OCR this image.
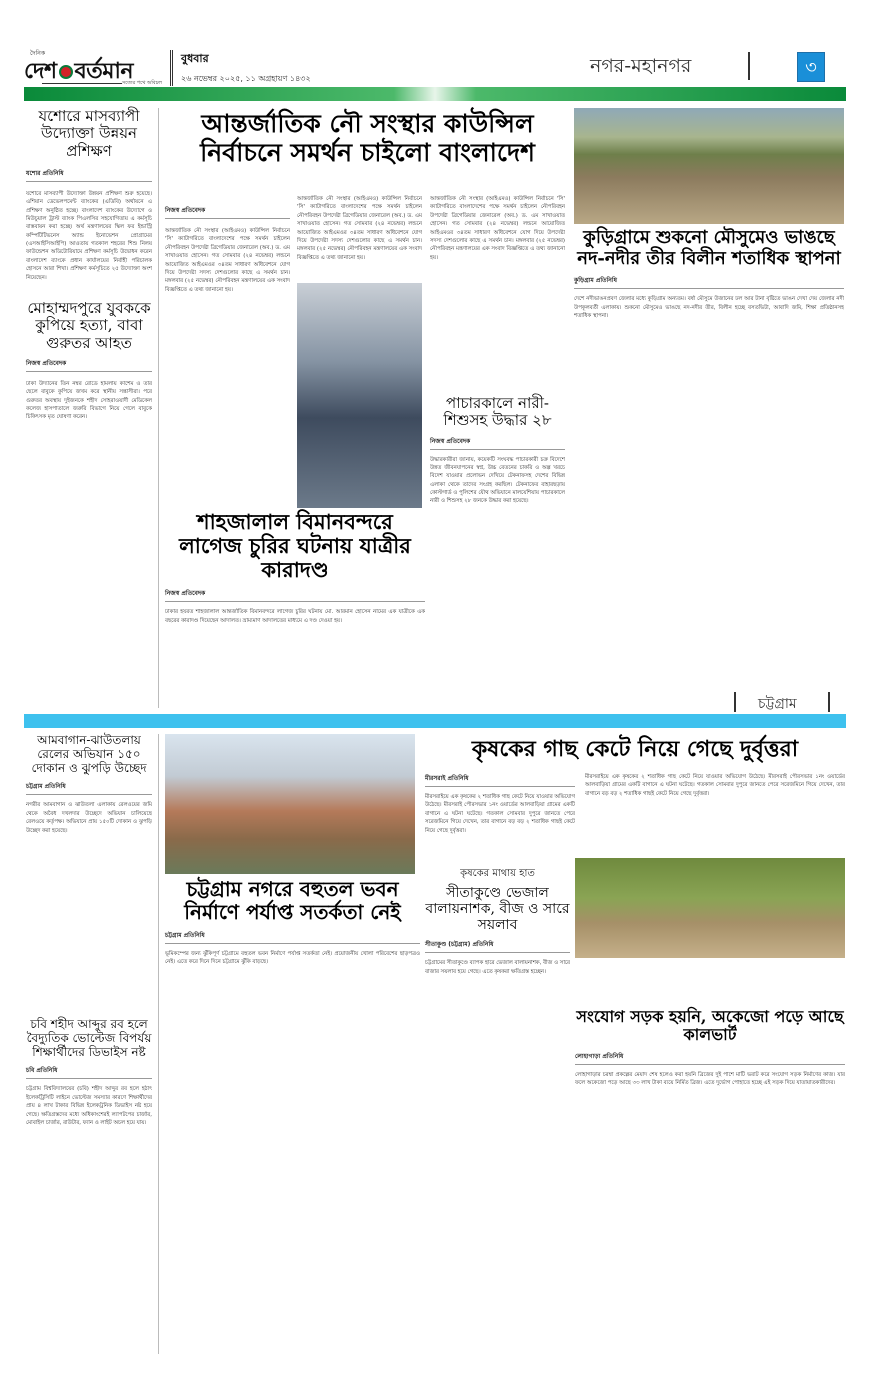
দৈনিক
দেশ বর্তমান
সত্যের পথে অবিচল
বুধবার
২৬ নভেম্বর ২০২৫, ১১ অগ্রহায়ণ ১৪৩২
নগর-মহানগর	৩
যশোরে মাসব্যাপী উদ্যোক্তা উন্নয়ন প্রশিক্ষণ
যশোর প্রতিনিধি
যশোরে মাসব্যাপী উদ্যোক্তা উন্নয়ন প্রশিক্ষণ শুরু হয়েছে। এশিয়ান ডেভেলপমেন্ট ব্যাংকের (এডিবি) অর্থায়নে এ প্রশিক্ষণ অনুষ্ঠিত হচ্ছে। বাংলাদেশ ব্যাংকের উদ্যোগে ও মিউচুয়াল ট্রাস্ট ব্যাংক পিএলসির সহযোগিতায় এ কর্মসূচি বাস্তবায়ন করা হচ্ছে। অর্থ মন্ত্রণালয়ের স্কিল ফর ইন্ডাস্ট্রি কম্পিটিটিভনেস অ্যান্ড ইনোভেশন প্রোগ্রামের (এসআইসিআইপি) আওতায় গতকাল শহরের শিশু নিলয় ফাউন্ডেশন অডিটোরিয়ামে প্রশিক্ষণ কর্মসূচি উদ্বোধন করেন বাংলাদেশ ব্যাংকে প্রধান কার্যালয়ের নির্বাহী পরিচালক হোসনে আরা শিখা। প্রশিক্ষণ কর্মসূচিতে ২৫ উদ্যোক্তা অংশ নিয়েছেন।
মোহাম্মদপুরে যুবককে কুপিয়ে হত্যা, বাবা গুরুতর আহত
নিজস্ব প্রতিবেদক
ঢাকা উদ্যানের তিন নম্বর রোডে হামলায় কাশেম ও তার ছেলে বাবুকে কুপিয়ে জখম করে স্থানীয় সন্ত্রাসীরা। পরে গুরুতর অবস্থায় দুইজনকে শহীদ সোহরাওয়ার্দী মেডিকেল কলেজ হাসপাতালে জরুরি বিভাগে নিয়ে গেলে বাবুকে চিকিৎসক মৃত ঘোষণা করেন।
আন্তর্জাতিক নৌ সংস্থার কাউন্সিল নির্বাচনে সমর্থন চাইলো বাংলাদেশ
নিজস্ব প্রতিবেদক
আন্তর্জাতিক নৌ সংস্থার (আইএমও) কাউন্সিল নির্বাচনে 'সি' ক্যাটাগরিতে বাংলাদেশের পক্ষে সমর্থন চাইলেন নৌপরিবহন উপদেষ্টা ব্রিগেডিয়ার জেনারেল (অব.) ড. এম সাখাওয়াত হোসেন। গত সোমবার (২৪ নভেম্বর) লন্ডনে আয়োজিত আইএমওর ৩৪তম সাধারণ অধিবেশনে যোগ দিয়ে উপদেষ্টা সদস্য দেশগুলোর কাছে এ সমর্থন চান। মঙ্গলবার (২৫ নভেম্বর) নৌপরিবহন মন্ত্রণালয়ের এক সংবাদ বিজ্ঞপ্তিতে এ তথ্য জানানো হয়।
আন্তর্জাতিক নৌ সংস্থার (আইএমও) কাউন্সিল নির্বাচনে 'সি' ক্যাটাগরিতে বাংলাদেশের পক্ষে সমর্থন চাইলেন নৌপরিবহন উপদেষ্টা ব্রিগেডিয়ার জেনারেল (অব.) ড. এম সাখাওয়াত হোসেন। গত সোমবার (২৪ নভেম্বর) লন্ডনে আয়োজিত আইএমওর ৩৪তম সাধারণ অধিবেশনে যোগ দিয়ে উপদেষ্টা সদস্য দেশগুলোর কাছে এ সমর্থন চান। মঙ্গলবার (২৫ নভেম্বর) নৌপরিবহন মন্ত্রণালয়ের এক সংবাদ বিজ্ঞপ্তিতে এ তথ্য জানানো হয়।
আন্তর্জাতিক নৌ সংস্থার (আইএমও) কাউন্সিল নির্বাচনে 'সি' ক্যাটাগরিতে বাংলাদেশের পক্ষে সমর্থন চাইলেন নৌপরিবহন উপদেষ্টা ব্রিগেডিয়ার জেনারেল (অব.) ড. এম সাখাওয়াত হোসেন। গত সোমবার (২৪ নভেম্বর) লন্ডনে আয়োজিত আইএমওর ৩৪তম সাধারণ অধিবেশনে যোগ দিয়ে উপদেষ্টা সদস্য দেশগুলোর কাছে এ সমর্থন চান। মঙ্গলবার (২৫ নভেম্বর) নৌপরিবহন মন্ত্রণালয়ের এক সংবাদ বিজ্ঞপ্তিতে এ তথ্য জানানো হয়।
পাচারকালে নারী-শিশুসহ উদ্ধার ২৮
নিজস্ব প্রতিবেদক
উদ্ধারকারীরা জানায়, কয়েকটি সংঘবদ্ধ পাচারকারী চক্র বিদেশে উন্নত জীবনযাপনের স্বপ্ন, উচ্চ বেতনের চাকরি ও অল্প খরচে বিদেশ যাওয়ার প্রলোভন দেখিয়ে টেকনাফসহ দেশের বিভিন্ন এলাকা থেকে তাদের সংগ্রহ করছিল। টেকনাফের বাহারছড়ায় কোস্টগার্ড ও পুলিশের যৌথ অভিযানে মালয়েশিয়ায় পাচারকালে নারী ও শিশুসহ ২৮ জনকে উদ্ধার করা হয়েছে।
শাহজালাল বিমানবন্দরে লাগেজ চুরির ঘটনায় যাত্রীর কারাদণ্ড
নিজস্ব প্রতিবেদক
ঢাকার হযরত শাহজালাল আন্তর্জাতিক বিমানবন্দরে লাগেজ চুরির ঘটনায় মো. আরমান হোসেন নামের এক যাত্রীকে এক বছরের কারাদণ্ড দিয়েছেন আদালত। ভ্রাম্যমাণ আদালতের মাধ্যমে এ দণ্ড দেওয়া হয়।
কুড়িগ্রামে শুকনো মৌসুমেও ভাঙছে নদ-নদীর তীর বিলীন শতাধিক স্থাপনা
কুড়িগ্রাম প্রতিনিধি
দেশে নদীভাঙনপ্রবণ জেলার মধ্যে কুড়িগ্রাম অন্যতম। বর্ষা মৌসুমে উজানের ঢল আর টানা বৃষ্টিতে ভাঙন দেখা দেয় জেলার নদী উপকূলবর্তী এলাকায়। শুকনো মৌসুমেও ভাঙছে নদ-নদীর তীর, বিলীন হচ্ছে বসতভিটা, আবাদি জমি, শিক্ষা প্রতিষ্ঠানসহ শতাধিক স্থাপনা।
চট্টগ্রাম
আমবাগান-ঝাউতলায় রেলের অভিযান ১৫০ দোকান ও ঝুপড়ি উচ্ছেদ
চট্টগ্রাম প্রতিনিধি
নগরীর আমবাগান ও ঝাউতলা এলাকায় রেলওয়ের জমি থেকে অবৈধ দখলদার উচ্ছেদে অভিযান চালিয়েছে রেলওয়ে কর্তৃপক্ষ। অভিযানে প্রায় ১৫০টি দোকান ও ঝুপড়ি উচ্ছেদ করা হয়েছে।
চবি শহীদ আব্দুর রব হলে বৈদ্যুতিক ভোল্টেজ বিপর্যয় শিক্ষার্থীদের ডিভাইস নষ্ট
চবি প্রতিনিধি
চট্টগ্রাম বিশ্ববিদ্যালয়ের (চবি) শহীদ আব্দুর রব হলে হঠাৎ ইলেকট্রিসিটি লাইনে ভোল্টেজ সমস্যার কারণে শিক্ষার্থীদের প্রায় ৪ লাখ টাকার বিভিন্ন ইলেকট্রনিক ডিভাইস নষ্ট হয়ে গেছে। ক্ষতিগ্রস্তদের মধ্যে অধিকাংশেরই ল্যাপটপের চার্জার, মোবাইল চার্জার, রাউটার, ফ্যান ও লাইট অচল হয়ে যায়।
চট্টগ্রাম নগরে বহুতল ভবন নির্মাণে পর্যাপ্ত সতর্কতা নেই
চট্টগ্রাম প্রতিনিধি
ভূমিকম্পের জন্য ঝুঁকিপূর্ণ চট্টগ্রামে বহুতল ভবন নির্মাণে পর্যাপ্ত সতর্কতা নেই। প্রয়োজনীয় খোলা পরিবেশের ছাড়পত্রও নেই। এতে করে দিনে দিনে চট্টগ্রামে ঝুঁকি বাড়ছে।
কৃষকের গাছ কেটে নিয়ে গেছে দুর্বৃত্তরা
মীরসরাই প্রতিনিধি
মীরসরাইয়ে এক কৃষকের ২ শতাধিক গাছ কেটে নিয়ে যাওয়ার অভিযোগ উঠেছে। মীরসরাই পৌরসভার ১নং ওয়ার্ডের আলবাড়িয়া গ্রামের একটি বাগানে এ ঘটনা ঘটেছে। গতকাল সোমবার দুপুরে জানতে পেরে সরেজমিনে গিয়ে দেখেন, তার বাগানে বড় বড় ২ শতাধিক গাছই কেটে নিয়ে গেছে দুর্বৃত্তরা।
মীরসরাইয়ে এক কৃষকের ২ শতাধিক গাছ কেটে নিয়ে যাওয়ার অভিযোগ উঠেছে। মীরসরাই পৌরসভার ১নং ওয়ার্ডের আলবাড়িয়া গ্রামের একটি বাগানে এ ঘটনা ঘটেছে। গতকাল সোমবার দুপুরে জানতে পেরে সরেজমিনে গিয়ে দেখেন, তার বাগানে বড় বড় ২ শতাধিক গাছই কেটে নিয়ে গেছে দুর্বৃত্তরা।
কৃষকের মাথায় হাত
সীতাকুণ্ডে ভেজাল বালায়নাশক, বীজ ও সারে সয়লাব
সীতাকুণ্ড (চট্টগ্রাম) প্রতিনিধি
চট্টগ্রামের সীতাকুণ্ডে ব্যাপক হারে ভেজাল বালায়নাশক, বীজ ও সারে বাজার সয়লাব হয়ে গেছে। এতে কৃষকরা ক্ষতিগ্রস্ত হচ্ছেন।
সংযোগ সড়ক হয়নি, অকেজো পড়ে আছে কালভার্ট
লোহাগাড়া প্রতিনিধি
লোহাগাড়ার চরম্বা প্রকল্পের মেয়াদ শেষ হলেও করা হয়নি ব্রিজের দুই পাশে মাটি ভরাট করে সংযোগ সড়ক নির্মাণের কাজ। যার ফলে অকেজো পড়ে আছে ৩৩ লাখ টাকা ব্যয়ে নির্মিত ব্রিজ। এতে দুর্ভোগ পোহাতে হচ্ছে এই সড়ক দিয়ে যাতায়াতকারীদের।
